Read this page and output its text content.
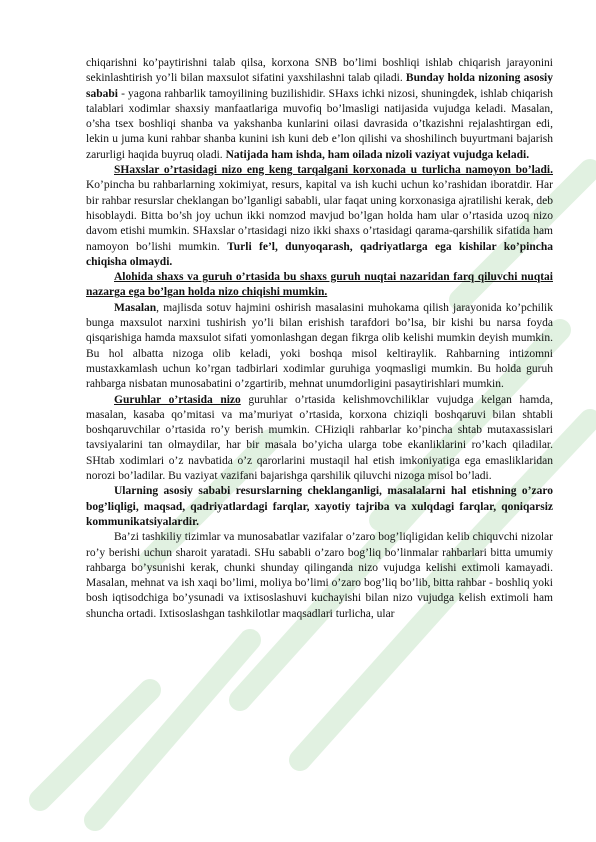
chiqarishni ko’paytirishni talab qilsa, korxona SNB bo’limi boshliqi ishlab chiqarish jarayonini sekinlashtirish yo’li bilan maxsulot sifatini yaxshilashni talab qiladi. Bunday holda nizoning asosiy sababi - yagona rahbarlik tamoyilining buzilishidir. SHaxs ichki nizosi, shuningdek, ishlab chiqarish talablari xodimlar shaxsiy manfaatlariga muvofiq bo’lmasligi natijasida vujudga keladi. Masalan, o’sha tsex boshliqi shanba va yakshanba kunlarini oilasi davrasida o’tkazishni rejalashtirgan edi, lekin u juma kuni rahbar shanba kunini ish kuni deb e’lon qilishi va shoshilinch buyurtmani bajarish zarurligi haqida buyruq oladi. Natijada ham ishda, ham oilada nizoli vaziyat vujudga keladi.

SHaxslar o’rtasidagi nizo eng keng tarqalgani korxonada u turlicha namoyon bo’ladi. Ko’pincha bu rahbarlarning xokimiyat, resurs, kapital va ish kuchi uchun ko’rashidan iboratdir. Har bir rahbar resurslar cheklangan bo’lganligi sababli, ular faqat uning korxonasiga ajratilishi kerak, deb hisoblaydi. Bitta bo’sh joy uchun ikki nomzod mavjud bo’lgan holda ham ular o’rtasida uzoq nizo davom etishi mumkin. SHaxslar o’rtasidagi nizo ikki shaxs o’rtasidagi qarama-qarshilik sifatida ham namoyon bo’lishi mumkin. Turli fe’l, dunyoqarash, qadriyatlarga ega kishilar ko’pincha chiqisha olmaydi.

Alohida shaxs va guruh o’rtasida bu shaxs guruh nuqtai nazaridan farq qiluvchi nuqtai nazarga ega bo’lgan holda nizo chiqishi mumkin.

Masalan, majlisda sotuv hajmini oshirish masalasini muhokama qilish jarayonida ko’pchilik bunga maxsulot narxini tushirish yo’li bilan erishish tarafdori bo’lsa, bir kishi bu narsa foyda qisqarishiga hamda maxsulot sifati yomonlashgan degan fikrga olib kelishi mumkin deyish mumkin. Bu hol albatta nizoga olib keladi, yoki boshqa misol keltiraylik. Rahbarning intizomni mustaxkamlash uchun ko’rgan tadbirlari xodimlar guruhiga yoqmasligi mumkin. Bu holda guruh rahbarga nisbatan munosabatini o’zgartirib, mehnat unumdorligini pasaytirishlari mumkin.

Guruhlar o’rtasida nizo guruhlar o’rtasida kelishmovchiliklar vujudga kelgan hamda, masalan, kasaba qo’mitasi va ma’muriyat o’rtasida, korxona chiziqli boshqaruvi bilan shtabli boshqaruvchilar o’rtasida ro’y berish mumkin. CHiziqli rahbarlar ko’pincha shtab mutaxassislari tavsiyalarini tan olmaydilar, har bir masala bo’yicha ularga tobe ekanliklarini ro’kach qiladilar. SHtab xodimlari o’z navbatida o’z qarorlarini mustaqil hal etish imkoniyatiga ega emasliklaridan norozi bo’ladilar. Bu vaziyat vazifani bajarishga qarshilik qiluvchi nizoga misol bo’ladi.

Ularning asosiy sababi resurslarning cheklanganligi, masalalarni hal etishning o’zaro bog’liqligi, maqsad, qadriyatlardagi farqlar, xayotiy tajriba va xulqdagi farqlar, qoniqarsiz kommunikatsiyalardir.

Ba’zi tashkiliy tizimlar va munosabatlar vazifalar o’zaro bog’liqligidan kelib chiquvchi nizolar ro’y berishi uchun sharoit yaratadi. SHu sababli o’zaro bog’liq bo’linmalar rahbarlari bitta umumiy rahbarga bo’ysunishi kerak, chunki shunday qilinganda nizo vujudga kelishi extimoli kamayadi. Masalan, mehnat va ish xaqi bo’limi, moliya bo’limi o’zaro bog’liq bo’lib, bitta rahbar - boshliq yoki bosh iqtisodchiga bo’ysunadi va ixtisoslashuvi kuchayishi bilan nizo vujudga kelish extimoli ham shuncha ortadi. Ixtisoslashgan tashkilotlar maqsadlari turlicha, ular
